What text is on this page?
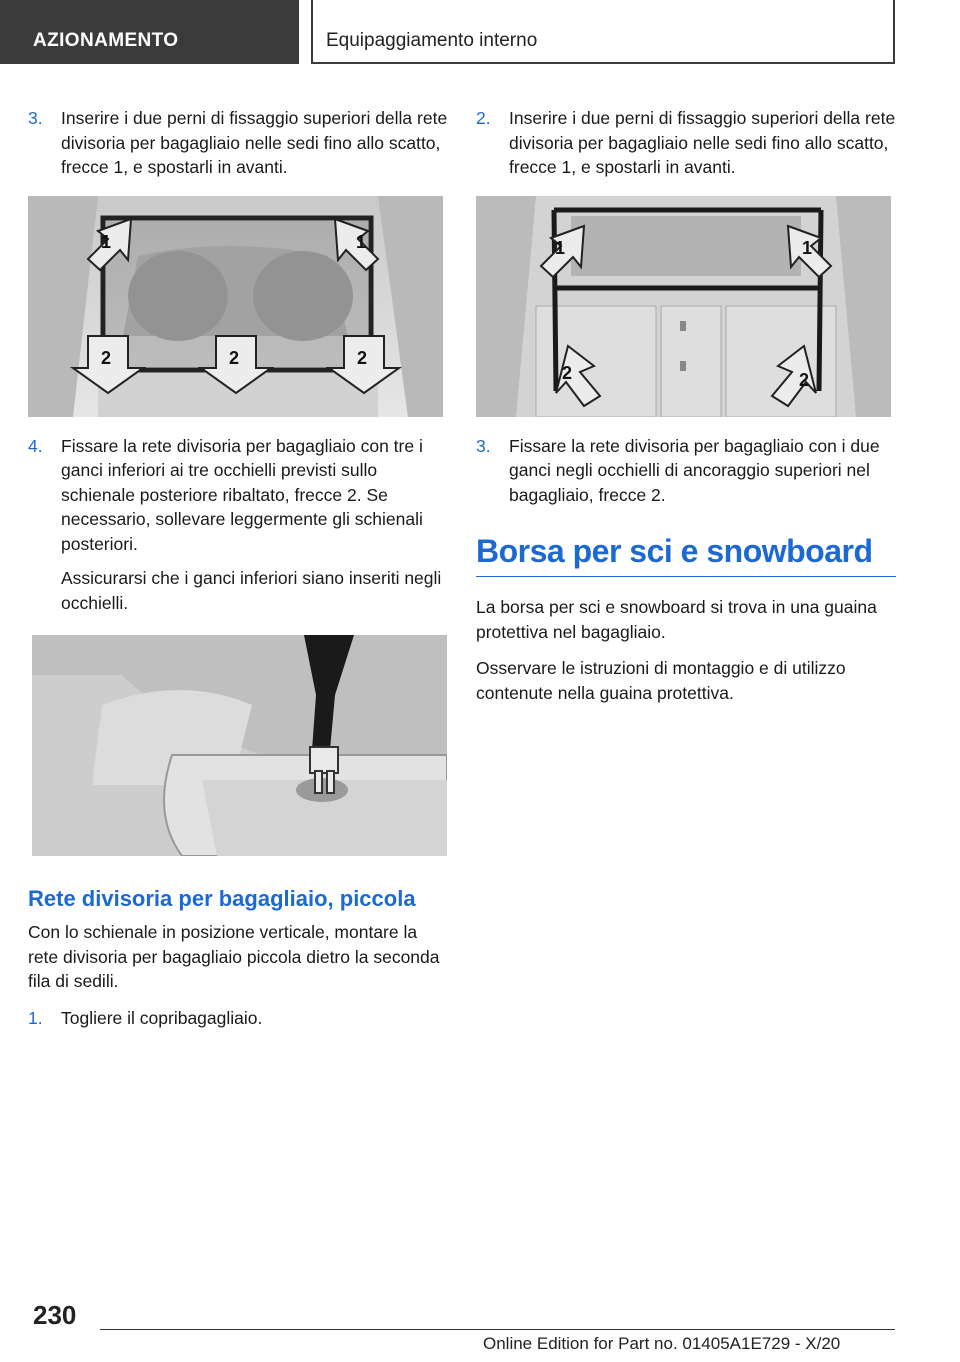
AZIONAMENTO	Equipaggiamento interno
3.	Inserire i due perni di fissaggio superiori della rete divisoria per bagagliaio nelle sedi fino allo scatto, frecce 1, e spostarli in avanti.
1	1
2	2	2
4.	Fissare la rete divisoria per bagagliaio con tre i ganci inferiori ai tre occhielli previsti sullo schienale posteriore ribaltato, frecce 2. Se necessario, sollevare leggermente gli schienali posteriori.
Assicurarsi che i ganci inferiori siano inseriti negli occhielli.
Rete divisoria per bagagliaio, piccola
Con lo schienale in posizione verticale, montare la rete divisoria per bagagliaio piccola dietro la seconda fila di sedili.
1.	Togliere il copribagagliaio.
2.	Inserire i due perni di fissaggio superiori della rete divisoria per bagagliaio nelle sedi fino allo scatto, frecce 1, e spostarli in avanti.
1	1
2	2
3.	Fissare la rete divisoria per bagagliaio con i due ganci negli occhielli di ancoraggio superiori nel bagagliaio, frecce 2.
Borsa per sci e snowboard
La borsa per sci e snowboard si trova in una guaina protettiva nel bagagliaio.
Osservare le istruzioni di montaggio e di utilizzo contenute nella guaina protettiva.
230
Online Edition for Part no. 01405A1E729 - X/20
